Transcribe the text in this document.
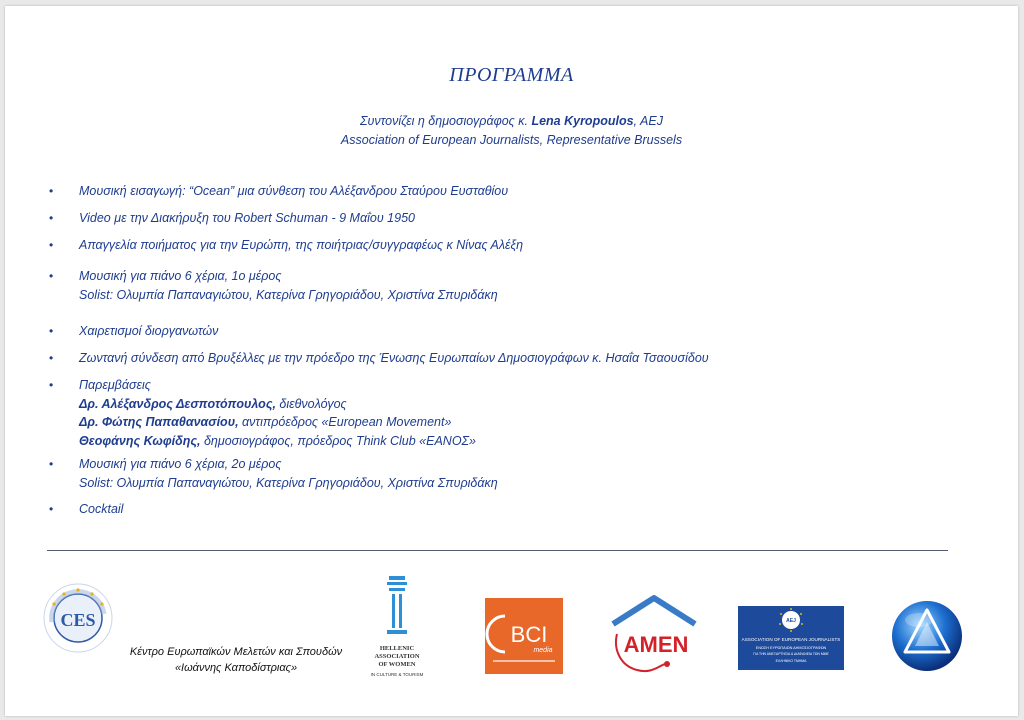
ΠΡΟΓΡΑΜΜΑ
Συντονίζει η δημοσιογράφος κ. Lena Kyropoulos, AEJ
Association of European Journalists, Representative Brussels
•	Μουσική εισαγωγή: “Ocean” μια σύνθεση του Αλέξανδρου Σταύρου Ευσταθίου
•	Video με την Διακήρυξη του Robert Schuman - 9 Μαΐου 1950
•	Απαγγελία ποιήματος για την Ευρώπη, της ποιήτριας/συγγραφέως κ Νίνας Αλέξη
•	Μουσική για πιάνο 6 χέρια, 1ο μέρος
Solist: Ολυμπία Παπαναγιώτου, Κατερίνα Γρηγοριάδου, Χριστίνα Σπυριδάκη
•	Χαιρετισμοί διοργανωτών
•	Ζωντανή σύνδεση από Βρυξέλλες με την πρόεδρο της Ένωσης Ευρωπαίων Δημοσιογράφων κ. Ησαΐα Τσαουσίδου
•	Παρεμβάσεις
Δρ. Αλέξανδρος Δεσποτόπουλος, διεθνολόγος
Δρ. Φώτης Παπαθανασίου, αντιπρόεδρος «European Movement»
Θεοφάνης Κωφίδης, δημοσιογράφος, πρόεδρος Think Club «ΕΑΝΟΣ»
•	Μουσική για πιάνο 6 χέρια, 2ο μέρος
Solist: Ολυμπία Παπαναγιώτου, Κατερίνα Γρηγοριάδου, Χριστίνα Σπυριδάκη
•	Cocktail
CES
Κέντρο Ευρωπαϊκών Μελετών και Σπουδών
«Ιωάννης Καποδίστριας»
HELLENIC
ASSOCIATION
OF WOMEN
IN CULTURE & TOURISM
BCI
media	AMEN
AEJ
ASSOCIATION OF EUROPEAN JOURNALISTS
ΕΝΩΣΗ ΕΥΡΩΠΑΙΩΝ ΔΗΜΟΣΙΟΓΡΑΦΩΝ
ΓΙΑ ΤΗΝ ΑΝΕΞΑΡΤΗΣΙΑ & ΔΙΑΦΑΝΕΙΑ ΤΩΝ ΜΜΕ
ΕΛΛΗΝΙΚΟ ΤΜΗΜΑ
